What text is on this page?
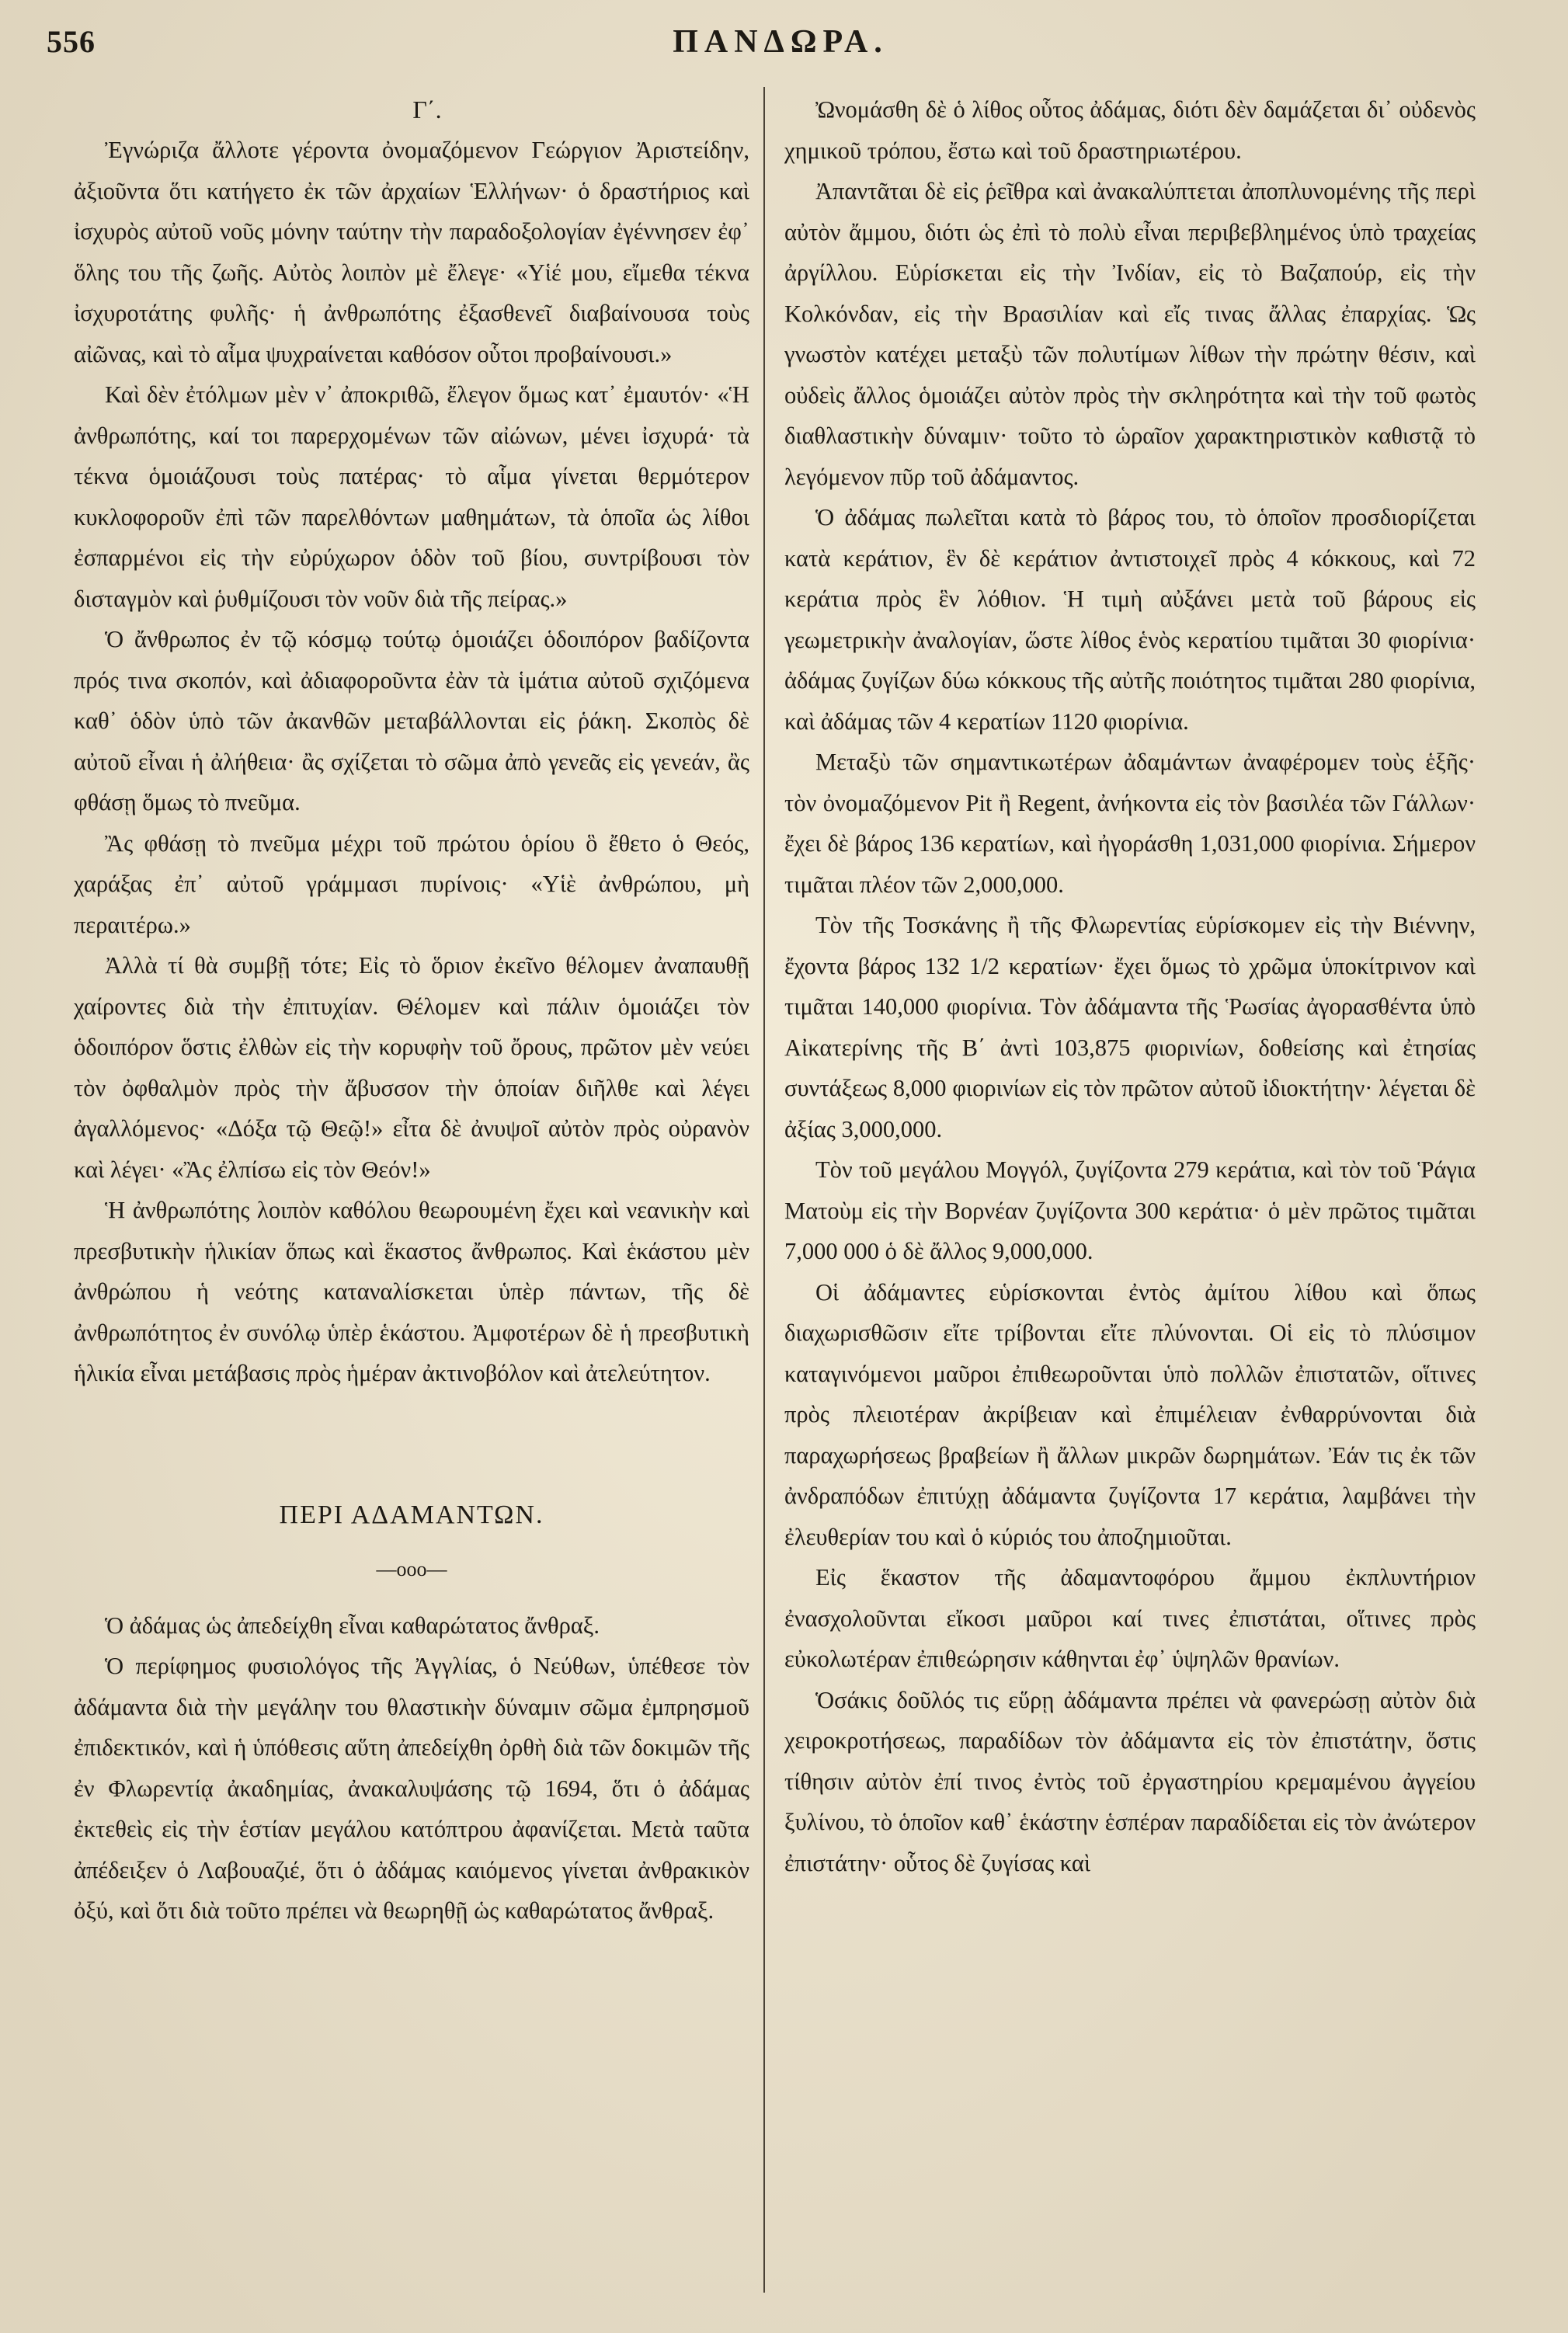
556	ΠΑΝΔΩΡΑ.

Γ΄.

Ἐγνώριζα ἄλλοτε γέροντα ὀνομαζόμενον Γεώργιον Ἀριστείδην, ἀξιοῦντα ὅτι κατήγετο ἐκ τῶν ἀρχαίων Ἑλλήνων· ὁ δραστήριος καὶ ἰσχυρὸς αὐτοῦ νοῦς μόνην ταύτην τὴν παραδοξολογίαν ἐγέννησεν ἐφ᾽ ὅλης του τῆς ζωῆς. Αὐτὸς λοιπὸν μὲ ἔλεγε· «Υἱέ μου, εἴμεθα τέκνα ἰσχυροτάτης φυλῆς· ἡ ἀνθρωπότης ἐξασθενεῖ διαβαίνουσα τοὺς αἰῶνας, καὶ τὸ αἷμα ψυχραίνεται καθόσον οὗτοι προβαίνουσι.»

Καὶ δὲν ἐτόλμων μὲν ν᾽ ἀποκριθῶ, ἔλεγον ὅμως κατ᾽ ἐμαυτόν· «Ἡ ἀνθρωπότης, καί τοι παρερχομένων τῶν αἰώνων, μένει ἰσχυρά· τὰ τέκνα ὁμοιάζουσι τοὺς πατέρας· τὸ αἷμα γίνεται θερμότερον κυκλοφοροῦν ἐπὶ τῶν παρελθόντων μαθημάτων, τὰ ὁποῖα ὡς λίθοι ἐσπαρμένοι εἰς τὴν εὐρύχωρον ὁδὸν τοῦ βίου, συντρίβουσι τὸν δισταγμὸν καὶ ῥυθμίζουσι τὸν νοῦν διὰ τῆς πείρας.»

Ὁ ἄνθρωπος ἐν τῷ κόσμῳ τούτῳ ὁμοιάζει ὁδοιπόρον βαδίζοντα πρός τινα σκοπόν, καὶ ἀδιαφοροῦντα ἐὰν τὰ ἱμάτια αὐτοῦ σχιζόμενα καθ᾽ ὁδὸν ὑπὸ τῶν ἀκανθῶν μεταβάλλονται εἰς ῥάκη. Σκοπὸς δὲ αὐτοῦ εἶναι ἡ ἀλήθεια· ἂς σχίζεται τὸ σῶμα ἀπὸ γενεᾶς εἰς γενεάν, ἂς φθάσῃ ὅμως τὸ πνεῦμα.

Ἂς φθάσῃ τὸ πνεῦμα μέχρι τοῦ πρώτου ὁρίου ὃ ἔθετο ὁ Θεός, χαράξας ἐπ᾽ αὐτοῦ γράμμασι πυρίνοις· «Υἱὲ ἀνθρώπου, μὴ περαιτέρω.»

Ἀλλὰ τί θὰ συμβῇ τότε; Εἰς τὸ ὅριον ἐκεῖνο θέλομεν ἀναπαυθῇ χαίροντες διὰ τὴν ἐπιτυχίαν. Θέλομεν καὶ πάλιν ὁμοιάζει τὸν ὁδοιπόρον ὅστις ἐλθὼν εἰς τὴν κορυφὴν τοῦ ὄρους, πρῶτον μὲν νεύει τὸν ὀφθαλμὸν πρὸς τὴν ἄβυσσον τὴν ὁποίαν διῆλθε καὶ λέγει ἀγαλλόμενος· «Δόξα τῷ Θεῷ!» εἶτα δὲ ἀνυψοῖ αὐτὸν πρὸς οὐρανὸν καὶ λέγει· «Ἂς ἐλπίσω εἰς τὸν Θεόν!»

Ἡ ἀνθρωπότης λοιπὸν καθόλου θεωρουμένη ἔχει καὶ νεανικὴν καὶ πρεσβυτικὴν ἡλικίαν ὅπως καὶ ἕκαστος ἄνθρωπος. Καὶ ἑκάστου μὲν ἀνθρώπου ἡ νεότης καταναλίσκεται ὑπὲρ πάντων, τῆς δὲ ἀνθρωπότητος ἐν συνόλῳ ὑπὲρ ἑκάστου. Ἀμφοτέρων δὲ ἡ πρεσβυτικὴ ἡλικία εἶναι μετάβασις πρὸς ἡμέραν ἀκτινοβόλον καὶ ἀτελεύτητον.

ΠΕΡΙ ΑΔΑΜΑΝΤΩΝ.

—ooo—

Ὁ ἀδάμας ὡς ἀπεδείχθη εἶναι καθαρώτατος ἄνθραξ.

Ὁ περίφημος φυσιολόγος τῆς Ἀγγλίας, ὁ Νεύθων, ὑπέθεσε τὸν ἀδάμαντα διὰ τὴν μεγάλην του θλαστικὴν δύναμιν σῶμα ἐμπρησμοῦ ἐπιδεκτικόν, καὶ ἡ ὑπόθεσις αὕτη ἀπεδείχθη ὀρθὴ διὰ τῶν δοκιμῶν τῆς ἐν Φλωρεντίᾳ ἀκαδημίας, ἀνακαλυψάσης τῷ 1694, ὅτι ὁ ἀδάμας ἐκτεθεὶς εἰς τὴν ἑστίαν μεγάλου κατόπτρου ἀφανίζεται. Μετὰ ταῦτα ἀπέδειξεν ὁ Λαβουαζιέ, ὅτι ὁ ἀδάμας καιόμενος γίνεται ἀνθρακικὸν ὀξύ, καὶ ὅτι διὰ τοῦτο πρέπει νὰ θεωρηθῇ ὡς καθαρώτατος ἄνθραξ.

Ὠνομάσθη δὲ ὁ λίθος οὗτος ἀδάμας, διότι δὲν δαμάζεται δι᾽ οὐδενὸς χημικοῦ τρόπου, ἔστω καὶ τοῦ δραστηριωτέρου.

Ἀπαντᾶται δὲ εἰς ῥεῖθρα καὶ ἀνακαλύπτεται ἀποπλυνομένης τῆς περὶ αὐτὸν ἄμμου, διότι ὡς ἐπὶ τὸ πολὺ εἶναι περιβεβλημένος ὑπὸ τραχείας ἀργίλλου. Εὑρίσκεται εἰς τὴν Ἰνδίαν, εἰς τὸ Βαζαπούρ, εἰς τὴν Κολκόνδαν, εἰς τὴν Βρασιλίαν καὶ εἴς τινας ἄλλας ἐπαρχίας. Ὡς γνωστὸν κατέχει μεταξὺ τῶν πολυτίμων λίθων τὴν πρώτην θέσιν, καὶ οὐδεὶς ἄλλος ὁμοιάζει αὐτὸν πρὸς τὴν σκληρότητα καὶ τὴν τοῦ φωτὸς διαθλαστικὴν δύναμιν· τοῦτο τὸ ὡραῖον χαρακτηριστικὸν καθιστᾷ τὸ λεγόμενον πῦρ τοῦ ἀδάμαντος.

Ὁ ἀδάμας πωλεῖται κατὰ τὸ βάρος του, τὸ ὁποῖον προσδιορίζεται κατὰ κεράτιον, ἓν δὲ κεράτιον ἀντιστοιχεῖ πρὸς 4 κόκκους, καὶ 72 κεράτια πρὸς ἓν λόθιον. Ἡ τιμὴ αὐξάνει μετὰ τοῦ βάρους εἰς γεωμετρικὴν ἀναλογίαν, ὥστε λίθος ἑνὸς κερατίου τιμᾶται 30 φιορίνια· ἀδάμας ζυγίζων δύω κόκκους τῆς αὐτῆς ποιότητος τιμᾶται 280 φιορίνια, καὶ ἀδάμας τῶν 4 κερατίων 1120 φιορίνια.

Μεταξὺ τῶν σημαντικωτέρων ἀδαμάντων ἀναφέρομεν τοὺς ἑξῆς· τὸν ὀνομαζόμενον Pit ἢ Regent, ἀνήκοντα εἰς τὸν βασιλέα τῶν Γάλλων· ἔχει δὲ βάρος 136 κερατίων, καὶ ἠγοράσθη 1,031,000 φιορίνια. Σήμερον τιμᾶται πλέον τῶν 2,000,000.

Τὸν τῆς Τοσκάνης ἢ τῆς Φλωρεντίας εὑρίσκομεν εἰς τὴν Βιέννην, ἔχοντα βάρος 132 1/2 κερατίων· ἔχει ὅμως τὸ χρῶμα ὑποκίτρινον καὶ τιμᾶται 140,000 φιορίνια. Τὸν ἀδάμαντα τῆς Ῥωσίας ἀγορασθέντα ὑπὸ Αἰκατερίνης τῆς Β΄ ἀντὶ 103,875 φιορινίων, δοθείσης καὶ ἐτησίας συντάξεως 8,000 φιορινίων εἰς τὸν πρῶτον αὐτοῦ ἰδιοκτήτην· λέγεται δὲ ἀξίας 3,000,000.

Τὸν τοῦ μεγάλου Μογγόλ, ζυγίζοντα 279 κεράτια, καὶ τὸν τοῦ Ῥάγια Ματοὺμ εἰς τὴν Βορνέαν ζυγίζοντα 300 κεράτια· ὁ μὲν πρῶτος τιμᾶται 7,000 000 ὁ δὲ ἄλλος 9,000,000.

Οἱ ἀδάμαντες εὑρίσκονται ἐντὸς ἀμίτου λίθου καὶ ὅπως διαχωρισθῶσιν εἴτε τρίβονται εἴτε πλύνονται. Οἱ εἰς τὸ πλύσιμον καταγινόμενοι μαῦροι ἐπιθεωροῦνται ὑπὸ πολλῶν ἐπιστατῶν, οἵτινες πρὸς πλειοτέραν ἀκρίβειαν καὶ ἐπιμέλειαν ἐνθαρρύνονται διὰ παραχωρήσεως βραβείων ἢ ἄλλων μικρῶν δωρημάτων. Ἐάν τις ἐκ τῶν ἀνδραπόδων ἐπιτύχῃ ἀδάμαντα ζυγίζοντα 17 κεράτια, λαμβάνει τὴν ἐλευθερίαν του καὶ ὁ κύριός του ἀποζημιοῦται.

Εἰς ἕκαστον τῆς ἀδαμαντοφόρου ἄμμου ἐκπλυντήριον ἐνασχολοῦνται εἴκοσι μαῦροι καί τινες ἐπιστάται, οἵτινες πρὸς εὐκολωτέραν ἐπιθεώρησιν κάθηνται ἐφ᾽ ὑψηλῶν θρανίων.

Ὁσάκις δοῦλός τις εὕρῃ ἀδάμαντα πρέπει νὰ φανερώσῃ αὐτὸν διὰ χειροκροτήσεως, παραδίδων τὸν ἀδάμαντα εἰς τὸν ἐπιστάτην, ὅστις τίθησιν αὐτὸν ἐπί τινος ἐντὸς τοῦ ἐργαστηρίου κρεμαμένου ἀγγείου ξυλίνου, τὸ ὁποῖον καθ᾽ ἑκάστην ἑσπέραν παραδίδεται εἰς τὸν ἀνώτερον ἐπιστάτην· οὗτος δὲ ζυγίσας καὶ
